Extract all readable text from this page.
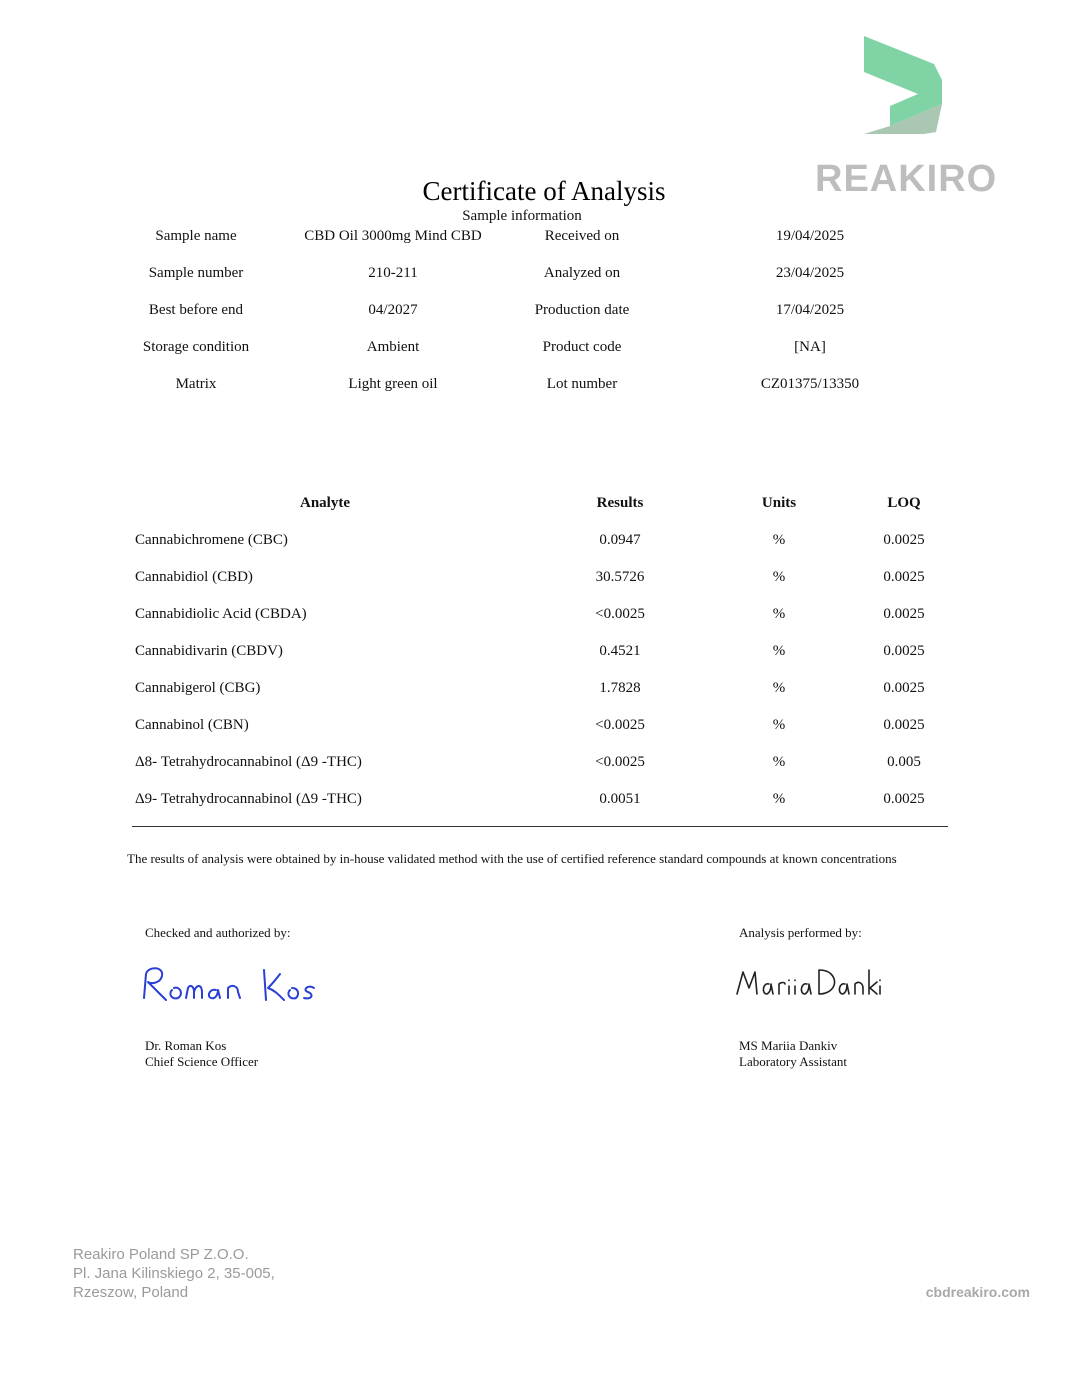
REAKIRO
Certificate of Analysis
Sample information
Sample name	CBD Oil 3000mg Mind CBD	Received on	19/04/2025
Sample number	210-211	Analyzed on	23/04/2025
Best before end	04/2027	Production date	17/04/2025
Storage condition	Ambient	Product code	[NA]
Matrix	Light green oil	Lot number	CZ01375/13350
Analyte	Results	Units	LOQ
Cannabichromene (CBC)	0.0947	%	0.0025
Cannabidiol (CBD)	30.5726	%	0.0025
Cannabidiolic Acid (CBDA)	<0.0025	%	0.0025
Cannabidivarin (CBDV)	0.4521	%	0.0025
Cannabigerol (CBG)	1.7828	%	0.0025
Cannabinol (CBN)	<0.0025	%	0.0025
Δ8- Tetrahydrocannabinol (Δ9 -THC)	<0.0025	%	0.005
Δ9- Tetrahydrocannabinol (Δ9 -THC)	0.0051	%	0.0025
The results of analysis were obtained by in-house validated method with the use of certified reference standard compounds at known concentrations
Checked and authorized by:
Dr. Roman Kos
Chief Science Officer
Analysis performed by:
MS Mariia Dankiv
Laboratory Assistant
Reakiro Poland SP Z.O.O.
Pl. Jana Kilinskiego 2, 35-005,
Rzeszow, Poland	cbdreakiro.com
